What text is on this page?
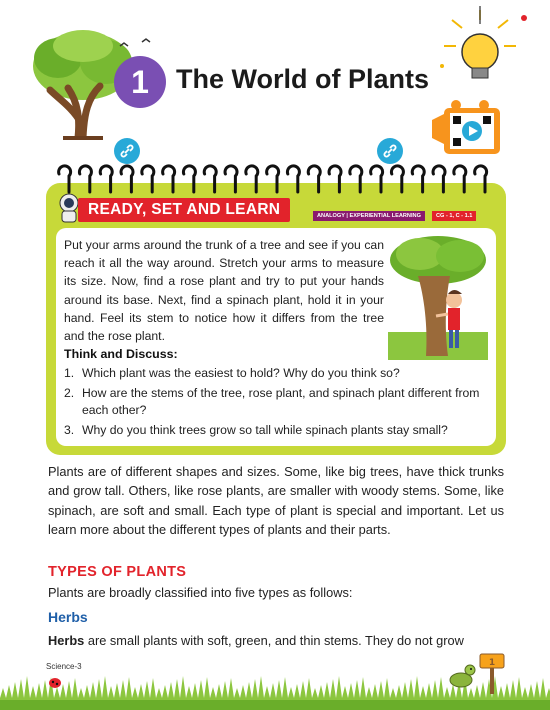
1 The World of Plants
READY, SET AND LEARN	ANALOGY | EXPERIENTIAL LEARNING	CG - 1, C - 1.1
Put your arms around the trunk of a tree and see if you can reach it all the way around. Stretch your arms to measure its size. Now, find a rose plant and try to put your hands around its base. Next, find a spinach plant, hold it in your hand. Feel its stem to notice how it differs from the tree and the rose plant.
Think and Discuss:
1. Which plant was the easiest to hold? Why do you think so?
2. How are the stems of the tree, rose plant, and spinach plant different from each other?
3. Why do you think trees grow so tall while spinach plants stay small?
Plants are of different shapes and sizes. Some, like big trees, have thick trunks and grow tall. Others, like rose plants, are smaller with woody stems. Some, like spinach, are soft and small. Each type of plant is special and important. Let us learn more about the different types of plants and their parts.
TYPES OF PLANTS
Plants are broadly classified into five types as follows:
Herbs
Herbs are small plants with soft, green, and thin stems. They do not grow
Science-3	1
